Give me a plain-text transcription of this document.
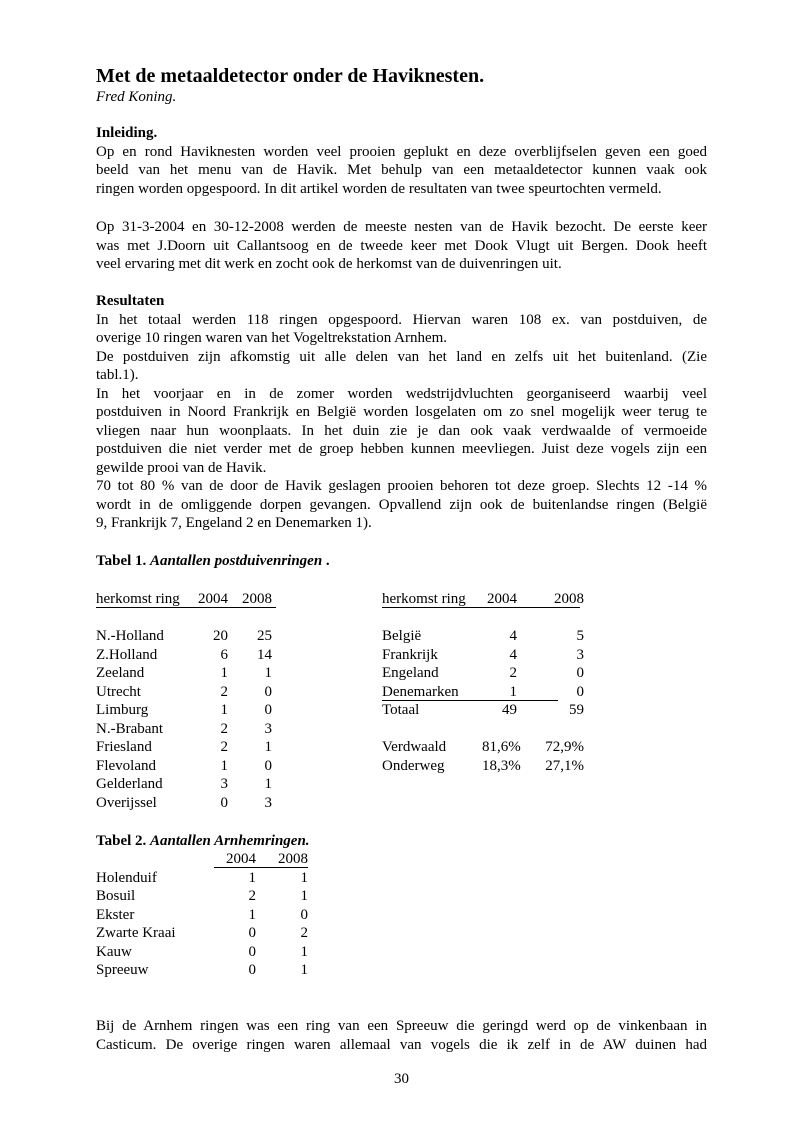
Met de metaaldetector onder de Haviknesten.
Fred Koning.
Inleiding.
Op en rond Haviknesten worden veel prooien geplukt en deze overblijfselen geven een goed
beeld van het menu van de Havik. Met behulp van een metaaldetector kunnen vaak ook
ringen worden opgespoord. In dit artikel worden de resultaten van twee speurtochten vermeld.
Op 31-3-2004 en 30-12-2008 werden de meeste nesten van de Havik bezocht. De eerste keer
was met J.Doorn uit Callantsoog en de tweede keer met Dook Vlugt uit Bergen. Dook heeft
veel ervaring met dit werk en zocht ook de herkomst van de duivenringen uit.
Resultaten
In het totaal werden 118 ringen opgespoord. Hiervan waren 108 ex. van postduiven, de
overige 10 ringen waren van het Vogeltrekstation Arnhem.
De postduiven zijn afkomstig uit alle delen van het land en zelfs uit het buitenland. (Zie
tabl.1).
In het voorjaar en in de zomer worden wedstrijdvluchten georganiseerd waarbij veel
postduiven in Noord Frankrijk en België worden losgelaten om zo snel mogelijk weer terug te
vliegen naar hun woonplaats. In het duin zie je dan ook vaak verdwaalde of vermoeide
postduiven die niet verder met de groep hebben kunnen meevliegen. Juist deze vogels zijn een
gewilde prooi van de Havik.
70 tot 80 % van de door de Havik geslagen prooien behoren tot deze groep. Slechts 12 -14 %
wordt in de omliggende dorpen gevangen. Opvallend zijn ook de buitenlandse ringen (België
9, Frankrijk 7, Engeland 2 en Denemarken 1).
Tabel 1. Aantallen postduivenringen .
herkomst ring	2004 2008
N.-Holland	20	25
Z.Holland	6	14
Zeeland	1	1
Utrecht	2	0
Limburg	1	0
N.-Brabant	2	3
Friesland	2	1
Flevoland	1	0
Gelderland	3	1
Overijssel	0	3
herkomst ring	2004	2008
België	4	5
Frankrijk	4	3
Engeland	2	0
Denemarken	1	0
Totaal	49	59
Verdwaald	81,6%	72,9%
Onderweg	18,3%	27,1%
Tabel 2. Aantallen Arnhemringen.
2004	2008
Holenduif	1	1
Bosuil	2	1
Ekster	1	0
Zwarte Kraai	0	2
Kauw	0	1
Spreeuw	0	1
Bij de Arnhem ringen was een ring van een Spreeuw die geringd werd op de vinkenbaan in
Casticum. De overige ringen waren allemaal van vogels die ik zelf in de AW duinen had
30
